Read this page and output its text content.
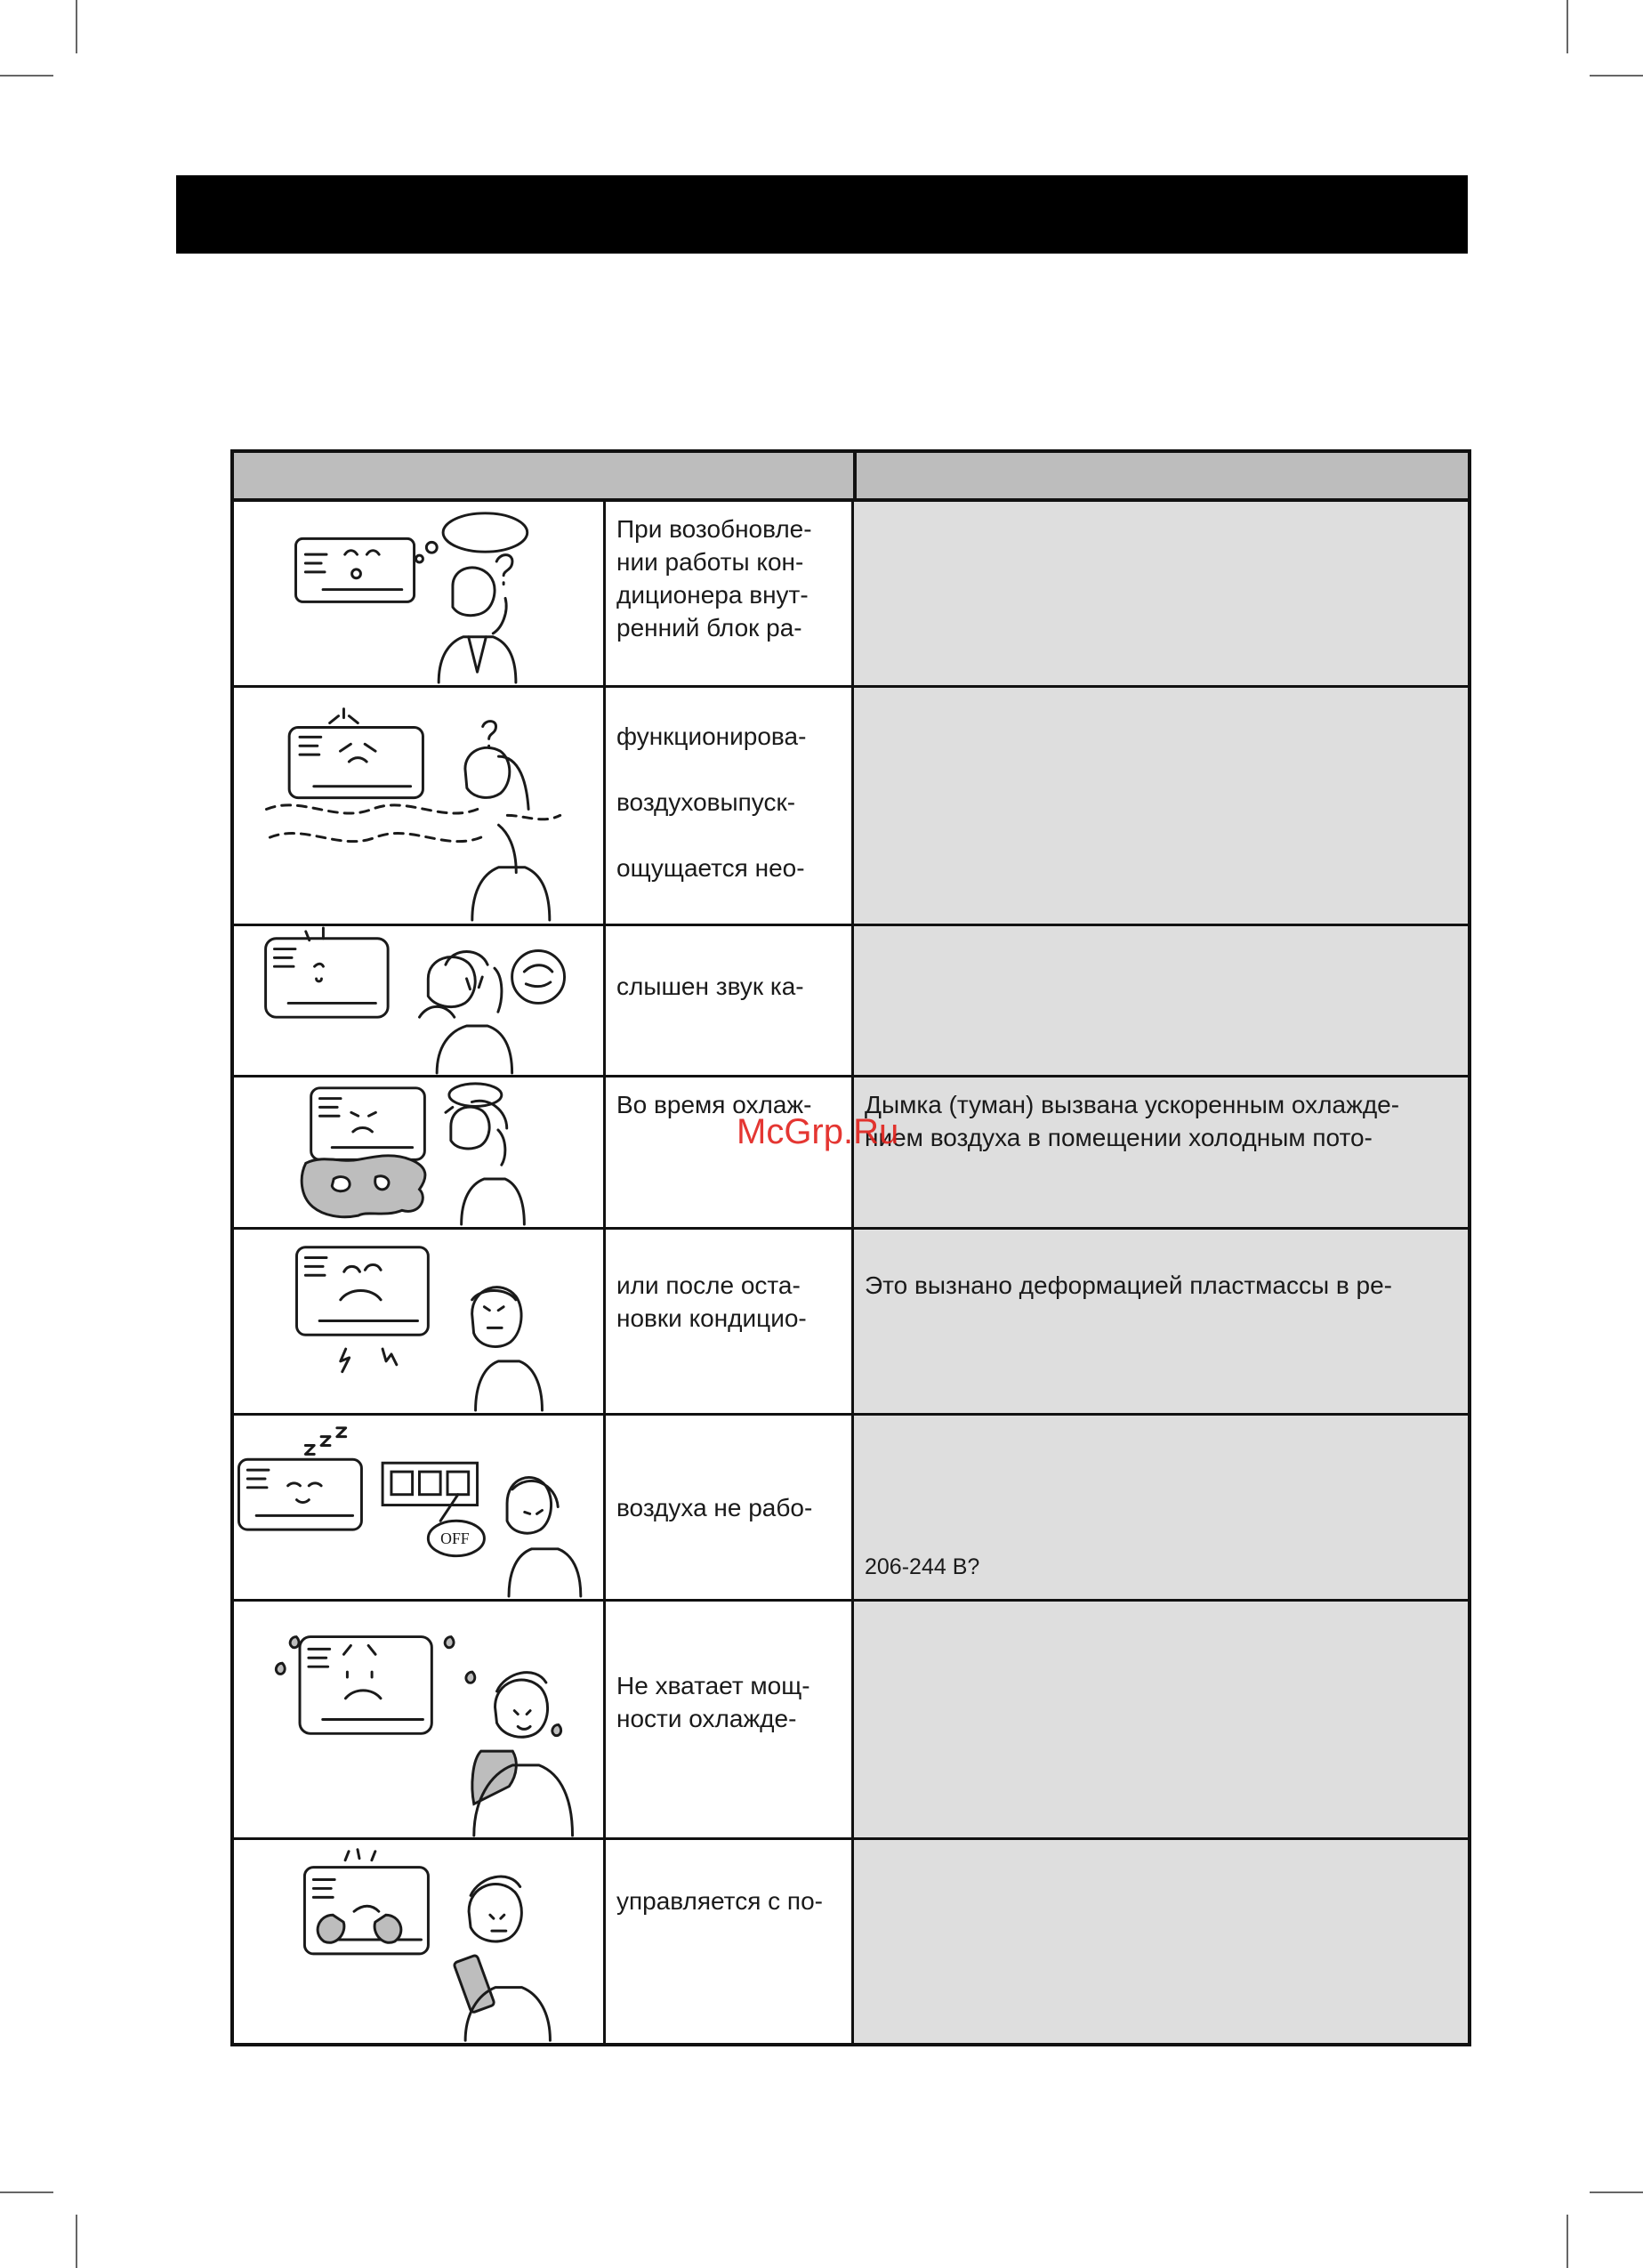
При возобновле-
нии работы кон-
диционера внут-
ренний блок ра-
функционирова-
воздуховыпуск-
ощущается нео-
слышен звук ка-
Во время охлаж-	Дымка (туман) вызвана ускоренным охлажде-
нием воздуха в помещении холодным пото-
или после оста-
новки кондицио-
Это вызнано деформацией пластмассы в ре-
OFF
воздуха не рабо-
206-244 В?
Не хватает мощ-
ности охлажде-
управляется с по-
McGrp.Ru
